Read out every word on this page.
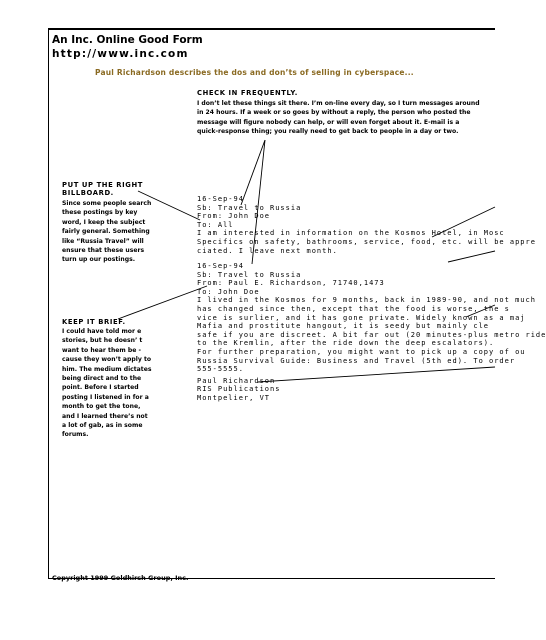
An Inc. Online Good Form
http://www.inc.com
Paul Richardson describes the dos and don’ts of selling in cyberspace...
CHECK IN FREQUENTLY.
I don’t let these things sit there. I’m on-line every day, so I turn messages around
in 24 hours. If a week or so goes by without a reply, the person who posted the
message will figure nobody can help, or will even forget about it. E-mail is a
quick-response thing; you really need to get back to people in a day or two.
PUT UP THE RIGHT
BILLBOARD.
Since some people search
these postings by key
word, I keep the subject
fairly general. Something
like “Russia Travel” will
ensure that these users
turn up our postings.
KEEP IT BRIEF.
I could have told mor e
stories, but he doesn’ t
want to hear them be -
cause they won’t apply to
him. The medium dictates
being direct and to the
point. Before I started
posting I listened in for a
month to get the tone,
and I learned there’s not
a lot of gab, as in some
forums.
16-Sep-94
Sb: Travel to Russia
From: John Doe
To: All
I am interested in information on the Kosmos Hotel, in Mosc
Specifics on safety, bathrooms, service, food, etc. will be appre
ciated. I leave next month.
16-Sep-94
Sb: Travel to Russia
From: Paul E. Richardson, 71740,1473
To: John Doe
I lived in the Kosmos for 9 months, back in 1989-90, and not much
has changed since then, except that the food is worse, the s
vice is surlier, and it has gone private. Widely known as a maj
Mafia and prostitute hangout, it is seedy but mainly cle
safe if you are discreet. A bit far out (20 minutes-plus metro ride
to the Kremlin, after the ride down the deep escalators).
For further preparation, you might want to pick up a copy of ou
Russia Survival Guide: Business and Travel (5th ed). To order
555-5555.
Paul Richardson
RIS Publications
Montpelier, VT
Copyright 1999 Goldhirsh Group, Inc.
